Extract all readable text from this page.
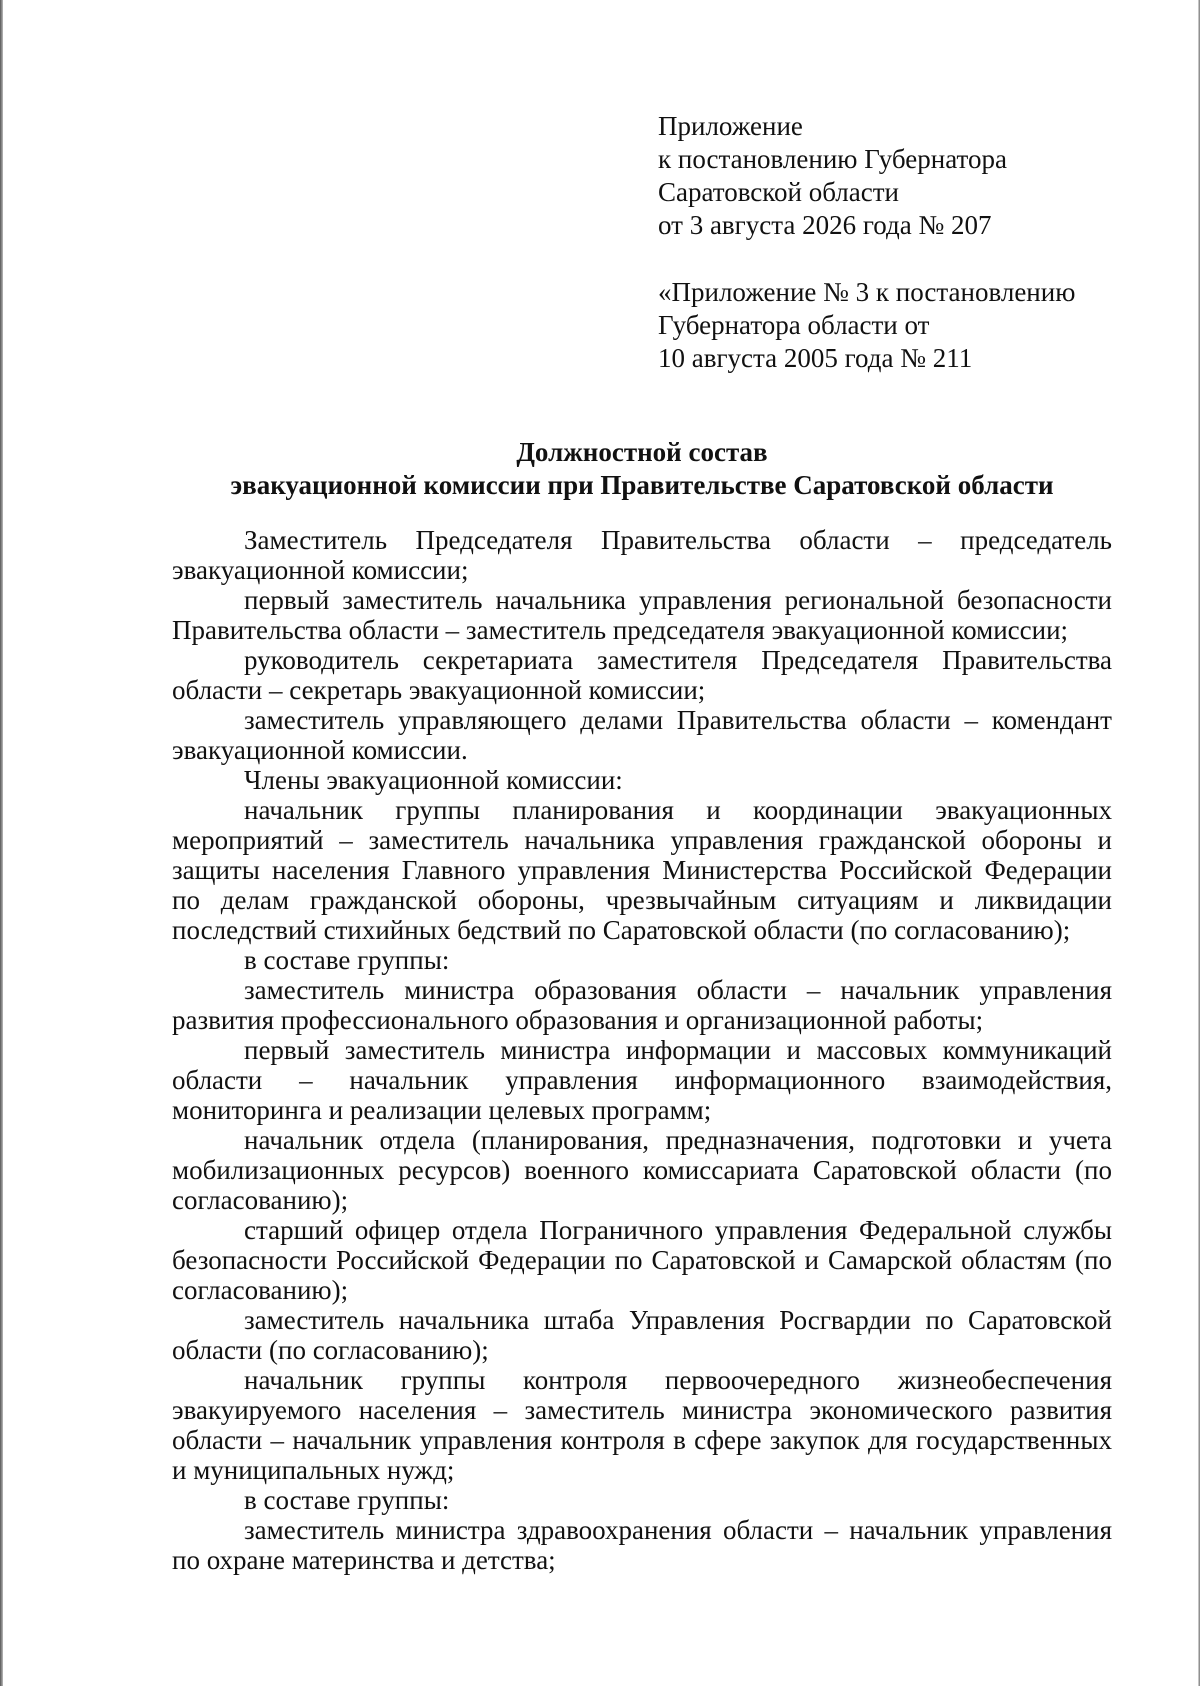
Приложение
к постановлению Губернатора
Саратовской области
от 3 августа 2026 года № 207
«Приложение № 3 к постановлению
Губернатора области от
10 августа 2005 года № 211
Должностной состав
эвакуационной комиссии при Правительстве Саратовской области

Заместитель Председателя Правительства области – председатель эвакуационной комиссии;

первый заместитель начальника управления региональной безопасности Правительства области – заместитель председателя эвакуационной комиссии;

руководитель секретариата заместителя Председателя Правительства области – секретарь эвакуационной комиссии;

заместитель управляющего делами Правительства области – комендант эвакуационной комиссии.

Члены эвакуационной комиссии:

начальник группы планирования и координации эвакуационных мероприятий – заместитель начальника управления гражданской обороны и защиты населения Главного управления Министерства Российской Федерации по делам гражданской обороны, чрезвычайным ситуациям и ликвидации последствий стихийных бедствий по Саратовской области (по согласованию);

в составе группы:

заместитель министра образования области – начальник управления развития профессионального образования и организационной работы;

первый заместитель министра информации и массовых коммуникаций области – начальник управления информационного взаимодействия, мониторинга и реализации целевых программ;

начальник отдела (планирования, предназначения, подготовки и учета мобилизационных ресурсов) военного комиссариата Саратовской области (по согласованию);

старший офицер отдела Пограничного управления Федеральной службы безопасности Российской Федерации по Саратовской и Самарской областям (по согласованию);

заместитель начальника штаба Управления Росгвардии по Саратовской области (по согласованию);

начальник группы контроля первоочередного жизнеобеспечения эвакуируемого населения – заместитель министра экономического развития области – начальник управления контроля в сфере закупок для государственных и муниципальных нужд;

в составе группы:

заместитель министра здравоохранения области – начальник управления по охране материнства и детства;
